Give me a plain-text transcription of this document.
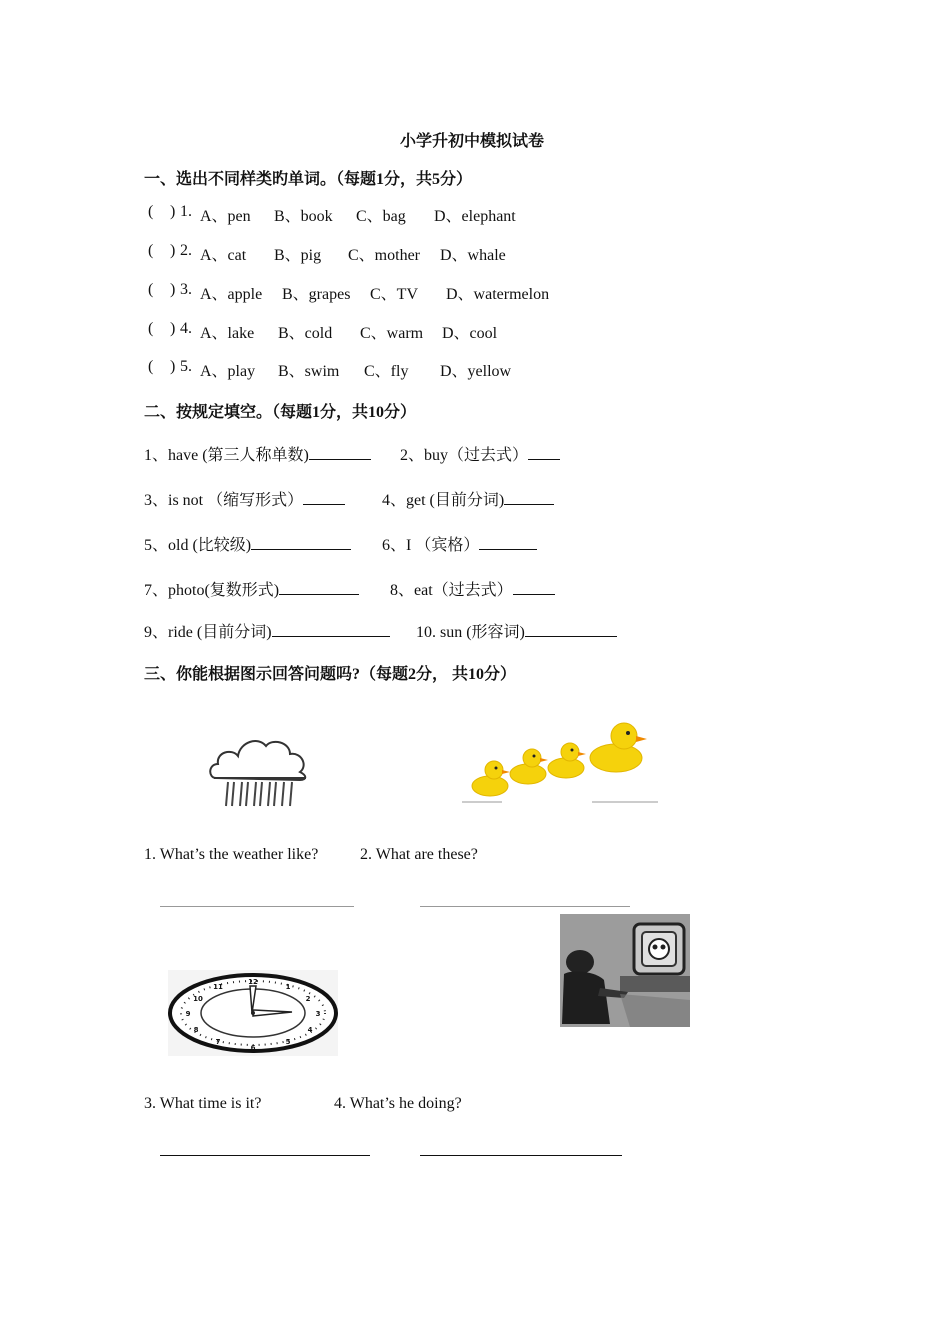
小学升初中模拟试卷
一、选出不同样类旳单词。（每题1分，共5分）
( ) 1. A、pen B、book C、bag D、elephant
( ) 2. A、cat B、pig C、mother D、whale
( ) 3. A、apple B、grapes C、TV D、watermelon
( ) 4. A、lake B、cold C、warm D、cool
( ) 5. A、play B、swim C、fly D、yellow
二、按规定填空。（每题1分，共10分）
1、have (第三人称单数)	2、buy（过去式）
3、is not （缩写形式）	4、get (目前分词)
5、old (比较级)	6、I （宾格）
7、photo(复数形式)	8、eat（过去式）
9、ride (目前分词)	10. sun (形容词)
三、你能根据图示回答问题吗?（每题2分， 共10分）
1. What’s the weather like?	2. What are these?
12
1
2
3
4
5
6
7
8
9
10
11
3. What time is it?	4. What’s he doing?
